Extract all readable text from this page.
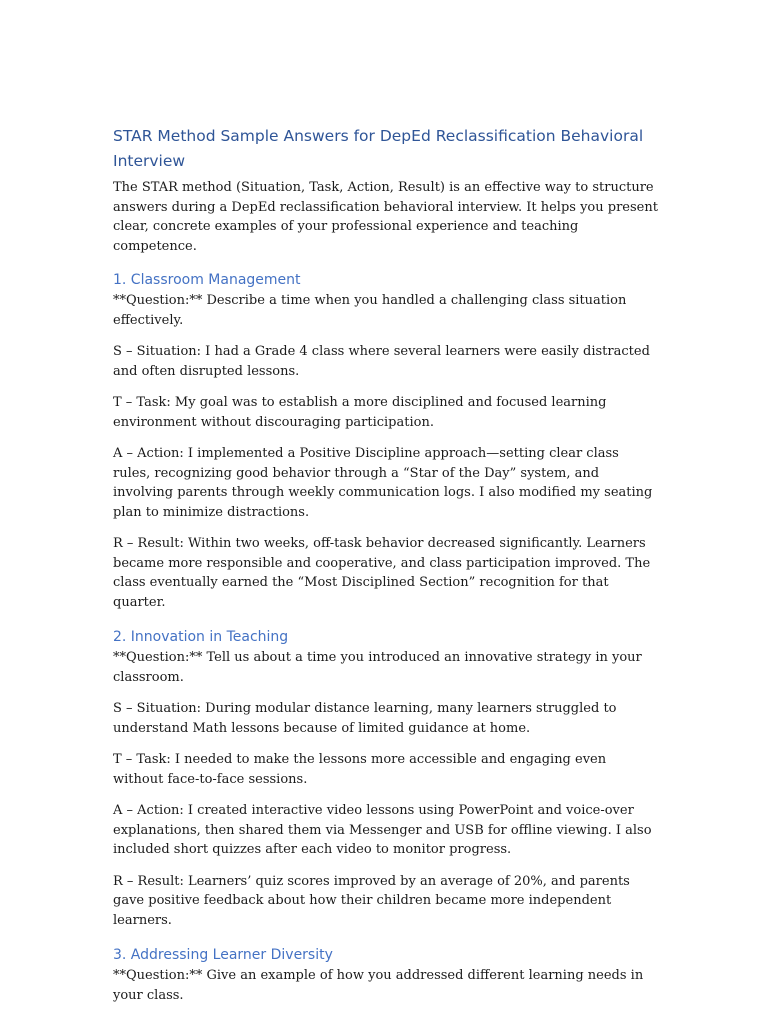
STAR Method Sample Answers for DepEd Reclassification Behavioral Interview

The STAR method (Situation, Task, Action, Result) is an effective way to structure answers during a DepEd reclassification behavioral interview. It helps you present clear, concrete examples of your professional experience and teaching competence.

1. Classroom Management

**Question:** Describe a time when you handled a challenging class situation effectively.

S – Situation: I had a Grade 4 class where several learners were easily distracted and often disrupted lessons.

T – Task: My goal was to establish a more disciplined and focused learning environment without discouraging participation.

A – Action: I implemented a Positive Discipline approach—setting clear class rules, recognizing good behavior through a “Star of the Day” system, and involving parents through weekly communication logs. I also modified my seating plan to minimize distractions.

R – Result: Within two weeks, off-task behavior decreased significantly. Learners became more responsible and cooperative, and class participation improved. The class eventually earned the “Most Disciplined Section” recognition for that quarter.

2. Innovation in Teaching

**Question:** Tell us about a time you introduced an innovative strategy in your classroom.

S – Situation: During modular distance learning, many learners struggled to understand Math lessons because of limited guidance at home.

T – Task: I needed to make the lessons more accessible and engaging even without face-to-face sessions.

A – Action: I created interactive video lessons using PowerPoint and voice-over explanations, then shared them via Messenger and USB for offline viewing. I also included short quizzes after each video to monitor progress.

R – Result: Learners’ quiz scores improved by an average of 20%, and parents gave positive feedback about how their children became more independent learners.

3. Addressing Learner Diversity

**Question:** Give an example of how you addressed different learning needs in your class.
